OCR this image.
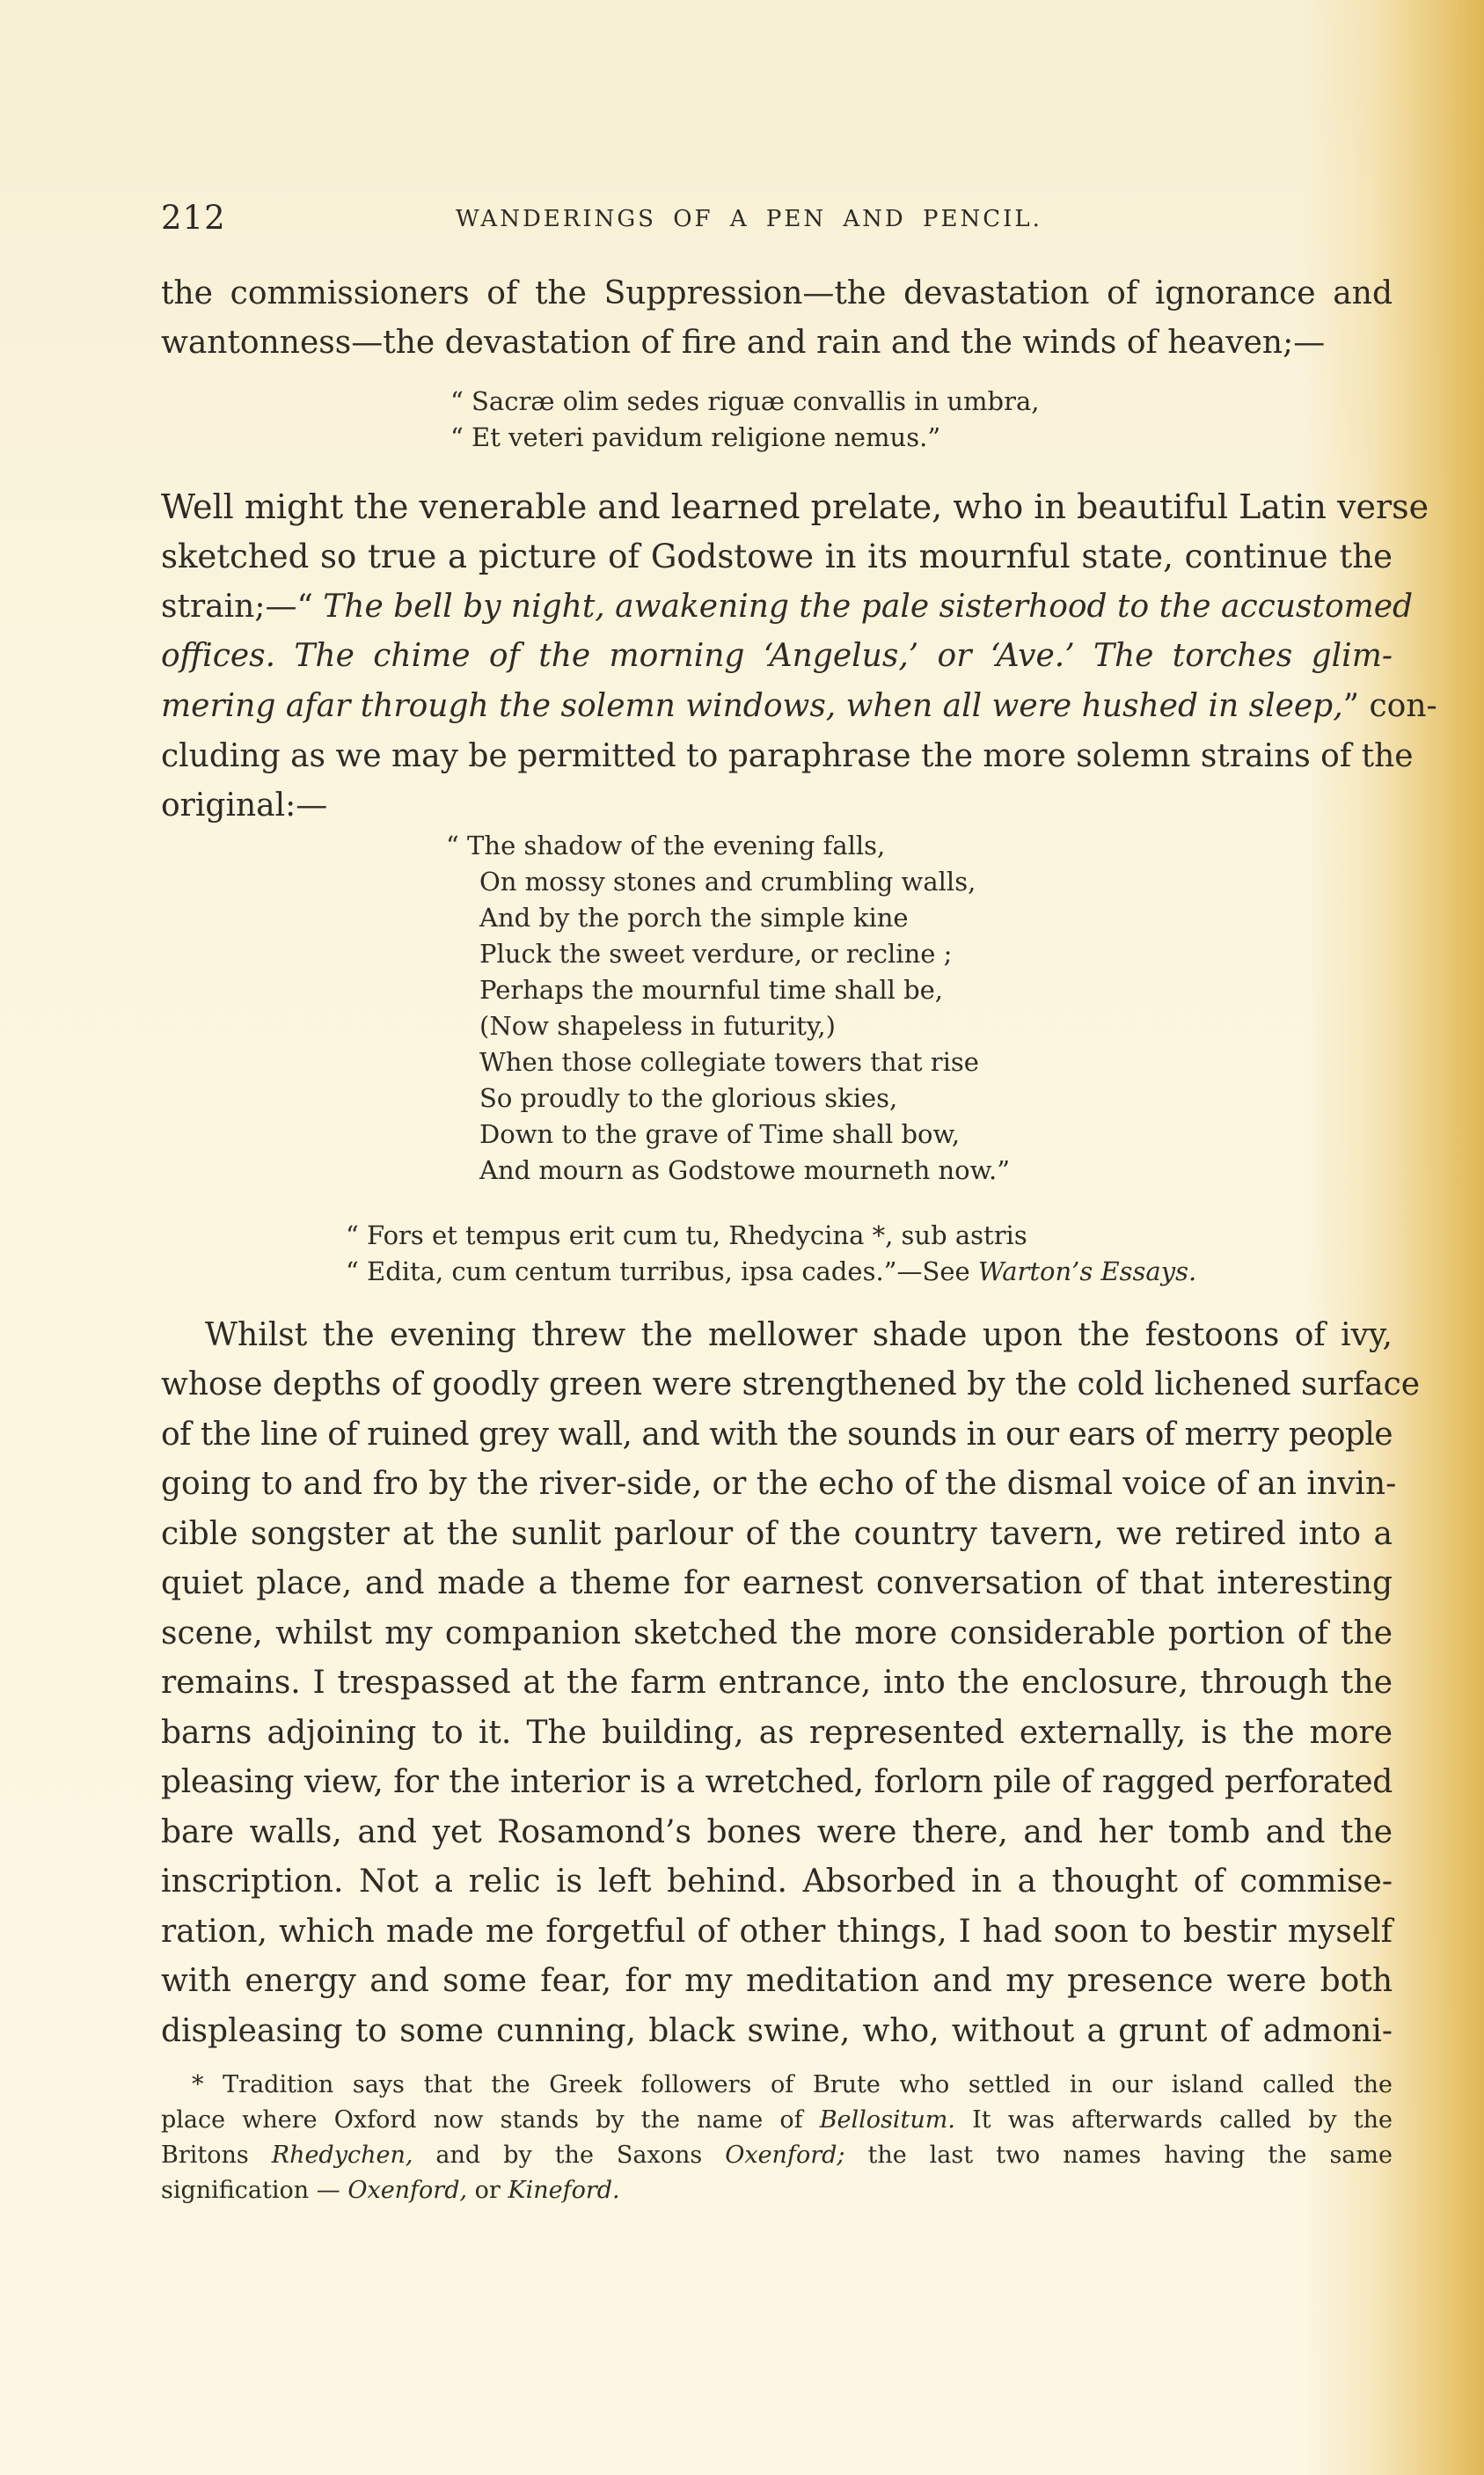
212	WANDERINGS OF A PEN AND PENCIL.
the commissioners of the Suppression—the devastation of ignorance and
wantonness—the devastation of fire and rain and the winds of heaven;—
“ Sacræ olim sedes riguæ convallis in umbra,
“ Et veteri pavidum religione nemus.”
Well might the venerable and learned prelate, who in beautiful Latin verse
sketched so true a picture of Godstowe in its mournful state, continue the
strain;—“ The bell by night, awakening the pale sisterhood to the accustomed
offices. The chime of the morning ‘Angelus,’ or ‘Ave.’ The torches glim-
mering afar through the solemn windows, when all were hushed in sleep,” con-
cluding as we may be permitted to paraphrase the more solemn strains of the
original:—
“ The shadow of the evening falls,
On mossy stones and crumbling walls,
And by the porch the simple kine
Pluck the sweet verdure, or recline ;
Perhaps the mournful time shall be,
(Now shapeless in futurity,)
When those collegiate towers that rise
So proudly to the glorious skies,
Down to the grave of Time shall bow,
And mourn as Godstowe mourneth now.”
“ Fors et tempus erit cum tu, Rhedycina *, sub astris
“ Edita, cum centum turribus, ipsa cades.”—See Warton’s Essays.
Whilst the evening threw the mellower shade upon the festoons of ivy,
whose depths of goodly green were strengthened by the cold lichened surface
of the line of ruined grey wall, and with the sounds in our ears of merry people
going to and fro by the river-side, or the echo of the dismal voice of an invin-
cible songster at the sunlit parlour of the country tavern, we retired into a
quiet place, and made a theme for earnest conversation of that interesting
scene, whilst my companion sketched the more considerable portion of the
remains. I trespassed at the farm entrance, into the enclosure, through the
barns adjoining to it. The building, as represented externally, is the more
pleasing view, for the interior is a wretched, forlorn pile of ragged perforated
bare walls, and yet Rosamond’s bones were there, and her tomb and the
inscription. Not a relic is left behind. Absorbed in a thought of commise-
ration, which made me forgetful of other things, I had soon to bestir myself
with energy and some fear, for my meditation and my presence were both
displeasing to some cunning, black swine, who, without a grunt of admoni-
* Tradition says that the Greek followers of Brute who settled in our island called the
place where Oxford now stands by the name of Bellositum. It was afterwards called by the
Britons Rhedychen, and by the Saxons Oxenford; the last two names having the same
signification — Oxenford, or Kineford.
